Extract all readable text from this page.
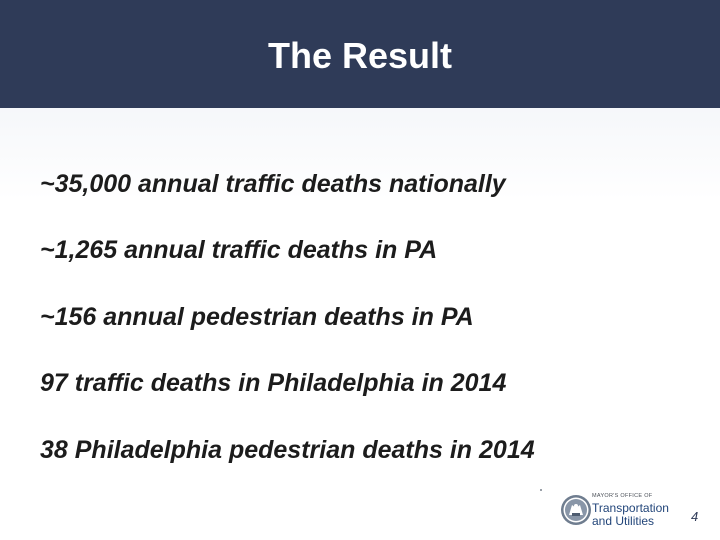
The Result
~35,000 annual traffic deaths nationally
~1,265 annual traffic deaths in PA
~156 annual pedestrian deaths in PA
97 traffic deaths in Philadelphia in 2014
38 Philadelphia pedestrian deaths in 2014
MAYOR'S OFFICE OF
Transportation
and Utilities	4
